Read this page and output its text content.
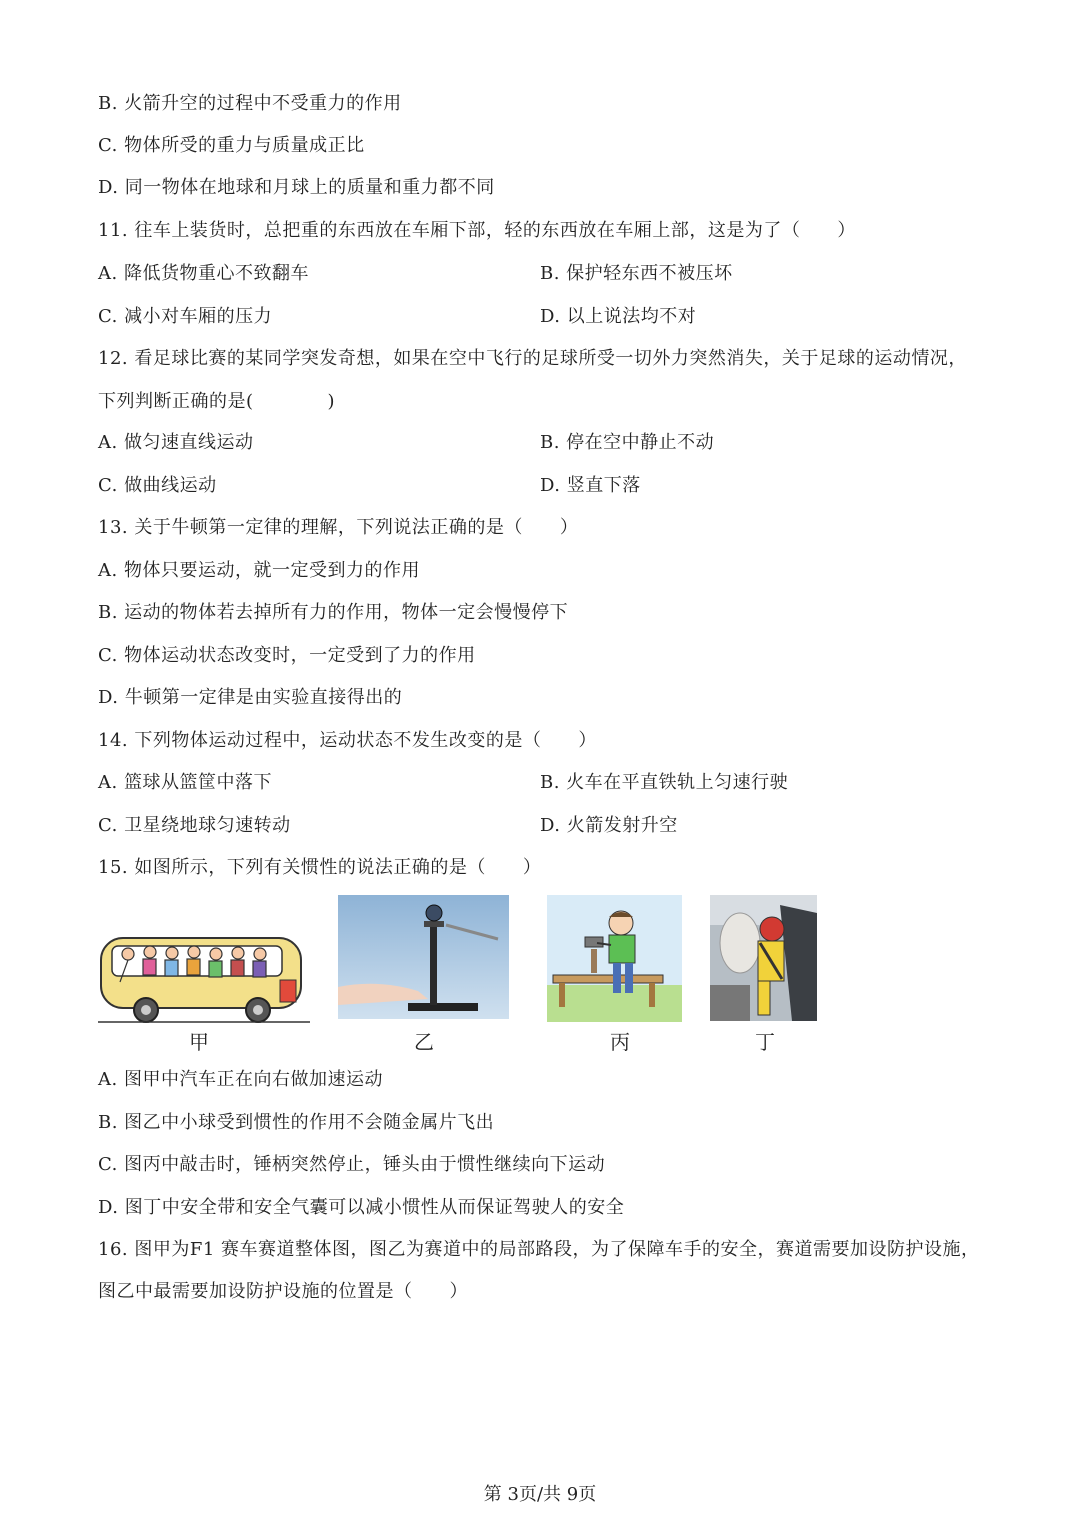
B. 火箭升空的过程中不受重力的作用
C. 物体所受的重力与质量成正比
D. 同一物体在地球和月球上的质量和重力都不同
11. 往车上装货时，总把重的东西放在车厢下部，轻的东西放在车厢上部，这是为了（　　）
A. 降低货物重心不致翻车	B. 保护轻东西不被压坏
C. 减小对车厢的压力	D. 以上说法均不对
12. 看足球比赛的某同学突发奇想，如果在空中飞行的足球所受一切外力突然消失，关于足球的运动情况，
下列判断正确的是(　　　　)
A. 做匀速直线运动	B. 停在空中静止不动
C. 做曲线运动	D. 竖直下落
13. 关于牛顿第一定律的理解，下列说法正确的是（　　）
A. 物体只要运动，就一定受到力的作用
B. 运动的物体若去掉所有力的作用，物体一定会慢慢停下
C. 物体运动状态改变时，一定受到了力的作用
D. 牛顿第一定律是由实验直接得出的
14. 下列物体运动过程中，运动状态不发生改变的是（　　）
A. 篮球从篮筐中落下	B. 火车在平直铁轨上匀速行驶
C. 卫星绕地球匀速转动	D. 火箭发射升空
15. 如图所示，下列有关惯性的说法正确的是（　　）
甲	乙	丙	丁
A. 图甲中汽车正在向右做加速运动
B. 图乙中小球受到惯性的作用不会随金属片飞出
C. 图丙中敲击时，锤柄突然停止，锤头由于惯性继续向下运动
D. 图丁中安全带和安全气囊可以减小惯性从而保证驾驶人的安全
16. 图甲为F1 赛车赛道整体图，图乙为赛道中的局部路段，为了保障车手的安全，赛道需要加设防护设施，
图乙中最需要加设防护设施的位置是（　　）
第 3页/共 9页
